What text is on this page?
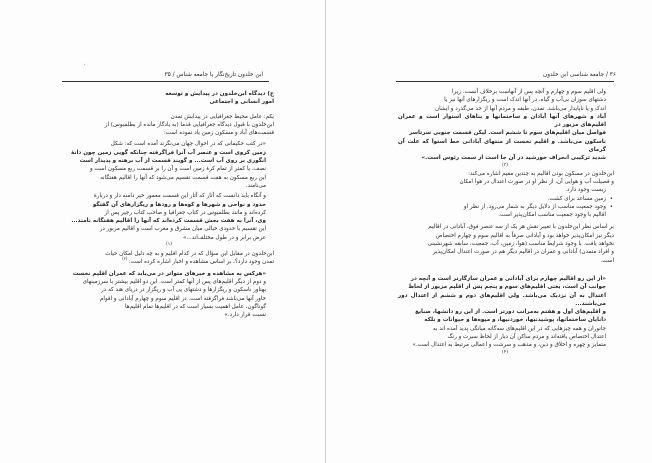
،
ابن خلدون تاریخ‌نگار یا جامعه شناس / ۳۵

ج) دیدگاه ابن‌خلدون در پیدایش و توسعه

امور انسانی و اجتماعی

یکم: عامل محیط جغرافیایی در پیدایش تمدن

ابن‌خلدون با قبول دیدگاه جغرافیایی قدما (به‌ یادگار مانده از بطلمیوس) از

قسمت‌های آباد و مسکون زمین یاد نموده است:

«در کتب حکیمانی که در احوال جهان می‌نگرند آمده است که: شکل

زمین کروی است و عنصر آب آنرا فراگرفته چنانکه گویی زمین چون دانۀ

انگوری بر روی آب است... و گویند قسمت از آب برهنه و پدیدار است

نصف، یا کمتر از تمام کرۀ زمین است و آن را بر قسمت ربع مسکون است و

این ربع مسکون به هفت قسمت تقسیم می‌شود که آنها را اقالیم هفتگانه

می‌نامند.

و آنگاه باید دانست که آثار که آثار این قسمت معمور خیر دامنه دار و دربارۀ

حدود و نواحی و شهرها و کوه‌ها و رودها و ریگزارهای آن گفتگو

کرده‌اند و مانند بطلمیوس در کتاب جغرافیا و صاحب کتاب رجیر پس از

وی، آنرا به هفت بخش قسمت کرده‌اند که آنها را اقالیم هفتگانه نامند...

این تقسیم با حدودی خیالی میان مشرق و مغرب است و اقالیم مزبور در

عرض برابر و در طول مختلف‌اند...»

(۱)

ابن‌خلدون در مقابل این سؤال که در کدام اقلیم و به چه دلیل امکان حیات

تمدن وجود دارد؟، بر اساس مشاهده و اخبار اشاره کرده است: $^{(۲)}$

«هرکس به مشاهده و خبرهای متواتر در می‌یابد که عمران اقلیم نخست

و دوم از دیگر اقلیم‌های پس از آنها کمتر است. این دو اقلیم بیشتر با سرزمینهای

بهناور ناسکون و ریگزارها و دشتهای پی آب و ریگزار در دریای هند که در

خاور آنها می‌باشد فراگرفته است. در اقلیم سوم و چهارم آبادانی و اقوام

گوناگون، عامل اهمیت بسیار است که در اقلیم‌ها تمام اقلیم‌ها

نسبت قرار دارد.»

۳۶ / جامعه شناسی ابن خلدون

ولی اقلیم سوم و چهارم و آنچه پس از آنهاست برخلاف آنست. زیرا

دشتهای سوزان بی‌آب و گیاه، در آنها اندک است و ریگزارهای آنها نیز یا

اندک و یا ناپایدار می‌باشد. تمدن، طبقه و مردم آنها از حد می‌گذرد و ایشان

آباد و شهرهای آنها آبادان و ساختمانها و بناهای استوار است و عمران اقلیم‌های مزبور در

فواصل میان اقلیم‌های سوم تا ششم است. لیکن قسمت جنوبی سرتاسر

ناسکون می‌باشد. و اقلیم نخست از منتهای آبادانی خط استوا که علت آن گرمای

شدید ترکیبی انحراف خورشید در آن جا است از سمت رئوس است.»

(۳)

ابن‌خلدون در مسکون بودن اقالیم به چندین مقیم اشاره می‌کند:

و فصیلت آب و هوایی آن، از نظر او در صورت اعتدال در هوا امکان

زیست وجود دارد.

•
زمین مساعد برای کشت.

•
وجود جمعیت مناسب از دلایل دیگر به شمار می‌رود. از نظر او

اقالیم با وجود جمعیت مناسب امکان‌پذیر است.

بر اساس نظر ابن‌خلدون با تغییر نقش هر یک از سه عنصر فوق، آبادانی در اقالیم

دیگر نیز امکان‌پذیر خواهد بود و آبادانی صرفاً به اقالیم سوم و چهارم اختصاص

نخواهد یافت. با وجود شرایط مناسب (هوا، زمین، آب، جمعیت، سابقه شهرنشینی

و افراد متمدن) آبادانی و عمران در اقالیم دیگر هم در صورت اعتدال امکان‌پذیر

است.

«از این رو اقالیم چهارم برای آبادانی و عمران سازگارتر است و آنچه در

جوانب آن است، یعنی اقلیم‌های سوم و پنجم پس از اقلیم مزبور از لحاظ

اعتدال به آن نزدیک می‌باشد. ولی اقلیم‌های دوم و ششم از اعتدال دور می‌باشند...

و اقلیم‌های اول و هفتم به‌مراتب دورتر است. از این رو دانشها، صنایع

دانایان ساختمانها، پوشیدنیها، خوردنیها، و میوه‌ها و حیوانات و بلکه

جانوران و همه چیزهایی که در این اقلیم‌های سه‌گانه میانگی پدید آمده اند به

اعتدال اختصاص یافته‌اند و مردم ساکن آن دیار از لحاظ سیرت و رنگ

متمایز و چهره و اخلاق و دین، و مذهب و سرشت و اعمالی مرتبط به اعتدال است.»

(۴)
